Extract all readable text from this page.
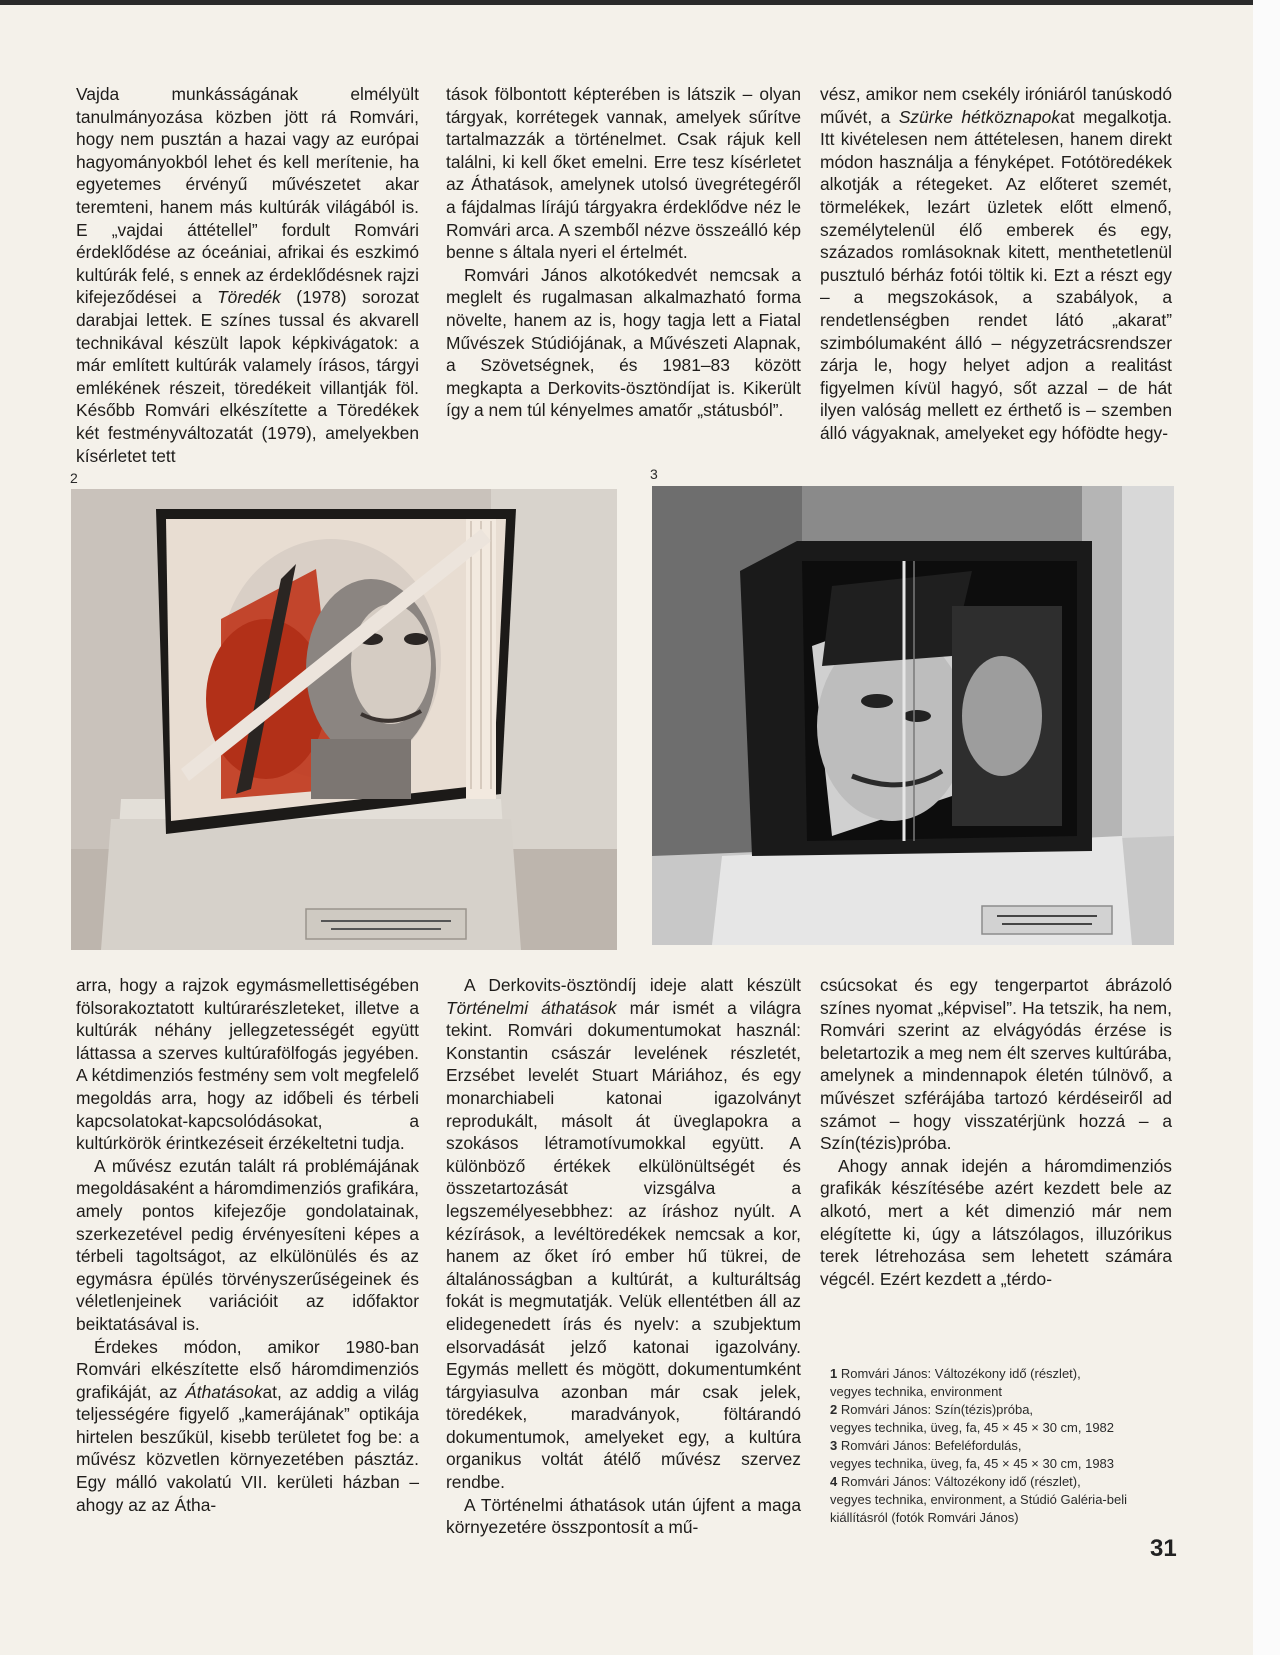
Vajda munkásságának elmélyült tanulmányozása közben jött rá Romvári, hogy nem pusztán a hazai vagy az európai hagyományokból lehet és kell merítenie, ha egyetemes érvényű művészetet akar teremteni, hanem más kultúrák világából is. E „vajdai áttétellel” fordult Romvári érdeklődése az óceániai, afrikai és eszkimó kultúrák felé, s ennek az érdeklődésnek rajzi kifejeződései a Töredék (1978) sorozat darabjai lettek. E színes tussal és akvarell technikával készült lapok képkivágatok: a már említett kultúrák valamely írásos, tárgyi emlékének részeit, töredékeit villantják föl. Később Romvári elkészítette a Töredékek két festményváltozatát (1979), amelyekben kísérletet tett

tások fölbontott képterében is látszik – olyan tárgyak, korrétegek vannak, amelyek sűrítve tartalmazzák a történelmet. Csak rájuk kell találni, ki kell őket emelni. Erre tesz kísérletet az Áthatások, amelynek utolsó üvegrétegéről a fájdalmas lírájú tárgyakra érdeklődve néz le Romvári arca. A szemből nézve összeálló kép benne s általa nyeri el értelmét.

Romvári János alkotókedvét nemcsak a meglelt és rugalmasan alkalmazható forma növelte, hanem az is, hogy tagja lett a Fiatal Művészek Stúdiójának, a Művészeti Alapnak, a Szövetségnek, és 1981–83 között megkapta a Derkovits-ösztöndíjat is. Kikerült így a nem túl kényelmes amatőr „státusból”.

vész, amikor nem csekély iróniáról tanúskodó művét, a Szürke hétköznapokat megalkotja. Itt kivételesen nem áttételesen, hanem direkt módon használja a fényképet. Fotótöredékek alkotják a rétegeket. Az előteret szemét, törmelékek, lezárt üzletek előtt elmenő, személytelenül élő emberek és egy, százados romlásoknak kitett, menthetetlenül pusztuló bérház fotói töltik ki. Ezt a részt egy – a megszokások, a szabályok, a rendetlenségben rendet látó „akarat” szimbólumaként álló – négyzetrácsrendszer zárja le, hogy helyet adjon a realitást figyelmen kívül hagyó, sőt azzal – de hát ilyen valóság mellett ez érthető is – szemben álló vágyaknak, amelyeket egy hófödte hegy-

2	3

arra, hogy a rajzok egymásmellettiségében fölsorakoztatott kultúrarészleteket, illetve a kultúrák néhány jellegzetességét együtt láttassa a szerves kultúrafölfogás jegyében. A kétdimenziós festmény sem volt megfelelő megoldás arra, hogy az időbeli és térbeli kapcsolatokat-kapcsolódásokat, a kultúrkörök érintkezéseit érzékeltetni tudja.

A művész ezután talált rá problémájának megoldásaként a háromdimenziós grafikára, amely pontos kifejezője gondolatainak, szerkezetével pedig érvényesíteni képes a térbeli tagoltságot, az elkülönülés és az egymásra épülés törvényszerűségeinek és véletlenjeinek variációit az időfaktor beiktatásával is.

Érdekes módon, amikor 1980-ban Romvári elkészítette első háromdimenziós grafikáját, az Áthatásokat, az addig a világ teljességére figyelő „kamerájának” optikája hirtelen beszűkül, kisebb területet fog be: a művész közvetlen környezetében pásztáz. Egy málló vakolatú VII. kerületi házban – ahogy az az Átha-

A Derkovits-ösztöndíj ideje alatt készült Történelmi áthatások már ismét a világra tekint. Romvári dokumentumokat használ: Konstantin császár levelének részletét, Erzsébet levelét Stuart Máriához, és egy monarchiabeli katonai igazolványt reprodukált, másolt át üveglapokra a szokásos létramotívumokkal együtt. A különböző értékek elkülönültségét és összetartozását vizsgálva a legszemélyesebbhez: az íráshoz nyúlt. A kézírások, a levéltöredékek nemcsak a kor, hanem az őket író ember hű tükrei, de általánosságban a kultúrát, a kulturáltság fokát is megmutatják. Velük ellentétben áll az elidegenedett írás és nyelv: a szubjektum elsorvadását jelző katonai igazolvány. Egymás mellett és mögött, dokumentumként tárgyiasulva azonban már csak jelek, töredékek, maradványok, föltárandó dokumentumok, amelyeket egy, a kultúra organikus voltát átélő művész szervez rendbe.

A Történelmi áthatások után újfent a maga környezetére összpontosít a mű-

csúcsokat és egy tengerpartot ábrázoló színes nyomat „képvisel”. Ha tetszik, ha nem, Romvári szerint az elvágyódás érzése is beletartozik a meg nem élt szerves kultúrába, amelynek a mindennapok életén túlnövő, a művészet szférájába tartozó kérdéseiről ad számot – hogy visszatérjünk hozzá – a Szín(tézis)próba.

Ahogy annak idején a háromdimenziós grafikák készítésébe azért kezdett bele az alkotó, mert a két dimenzió már nem elégítette ki, úgy a látszólagos, illuzórikus terek létrehozása sem lehetett számára végcél. Ezért kezdett a „térdo-

1 Romvári János: Változékony idő (részlet),
vegyes technika, environment
2 Romvári János: Szín(tézis)próba,
vegyes technika, üveg, fa, 45 × 45 × 30 cm, 1982
3 Romvári János: Befeléfordulás,
vegyes technika, üveg, fa, 45 × 45 × 30 cm, 1983
4 Romvári János: Változékony idő (részlet),
vegyes technika, environment, a Stúdió Galéria-beli
kiállításról (fotók Romvári János)
31
